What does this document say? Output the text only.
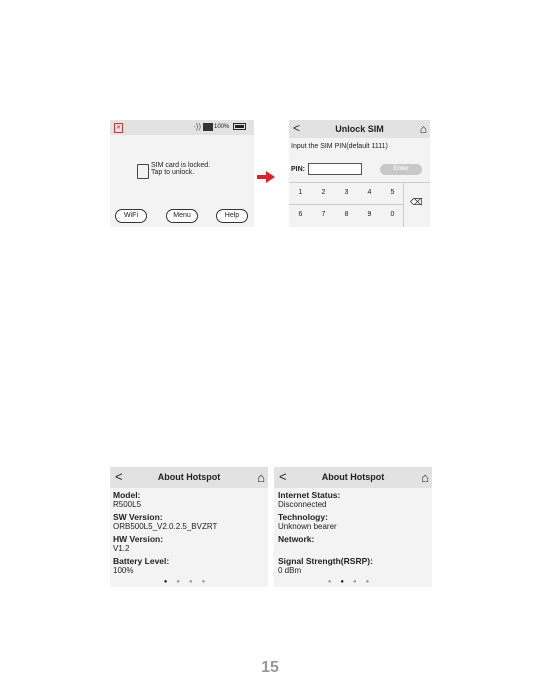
✕	·)) 100%
SIM card is locked.
Tap to unlock.
WiFi	Menu	Help
<	Unlock SIM	⌂
Input the SIM PIN(default 1111)
PIN:	Enter
1	2	3	4	5
6	7	8	9	0
⌫
<	About Hotspot	⌂
Model:
R500L5
SW Version:
ORB500L5_V2.0.2.5_BVZRT
HW Version:
V1.2
Battery Level:
100%
●●●●
<	About Hotspot	⌂
Internet Status:
Disconnected
Technology:
Unknown bearer
Network:
Signal Strength(RSRP):
0 dBm
●●●●
15
